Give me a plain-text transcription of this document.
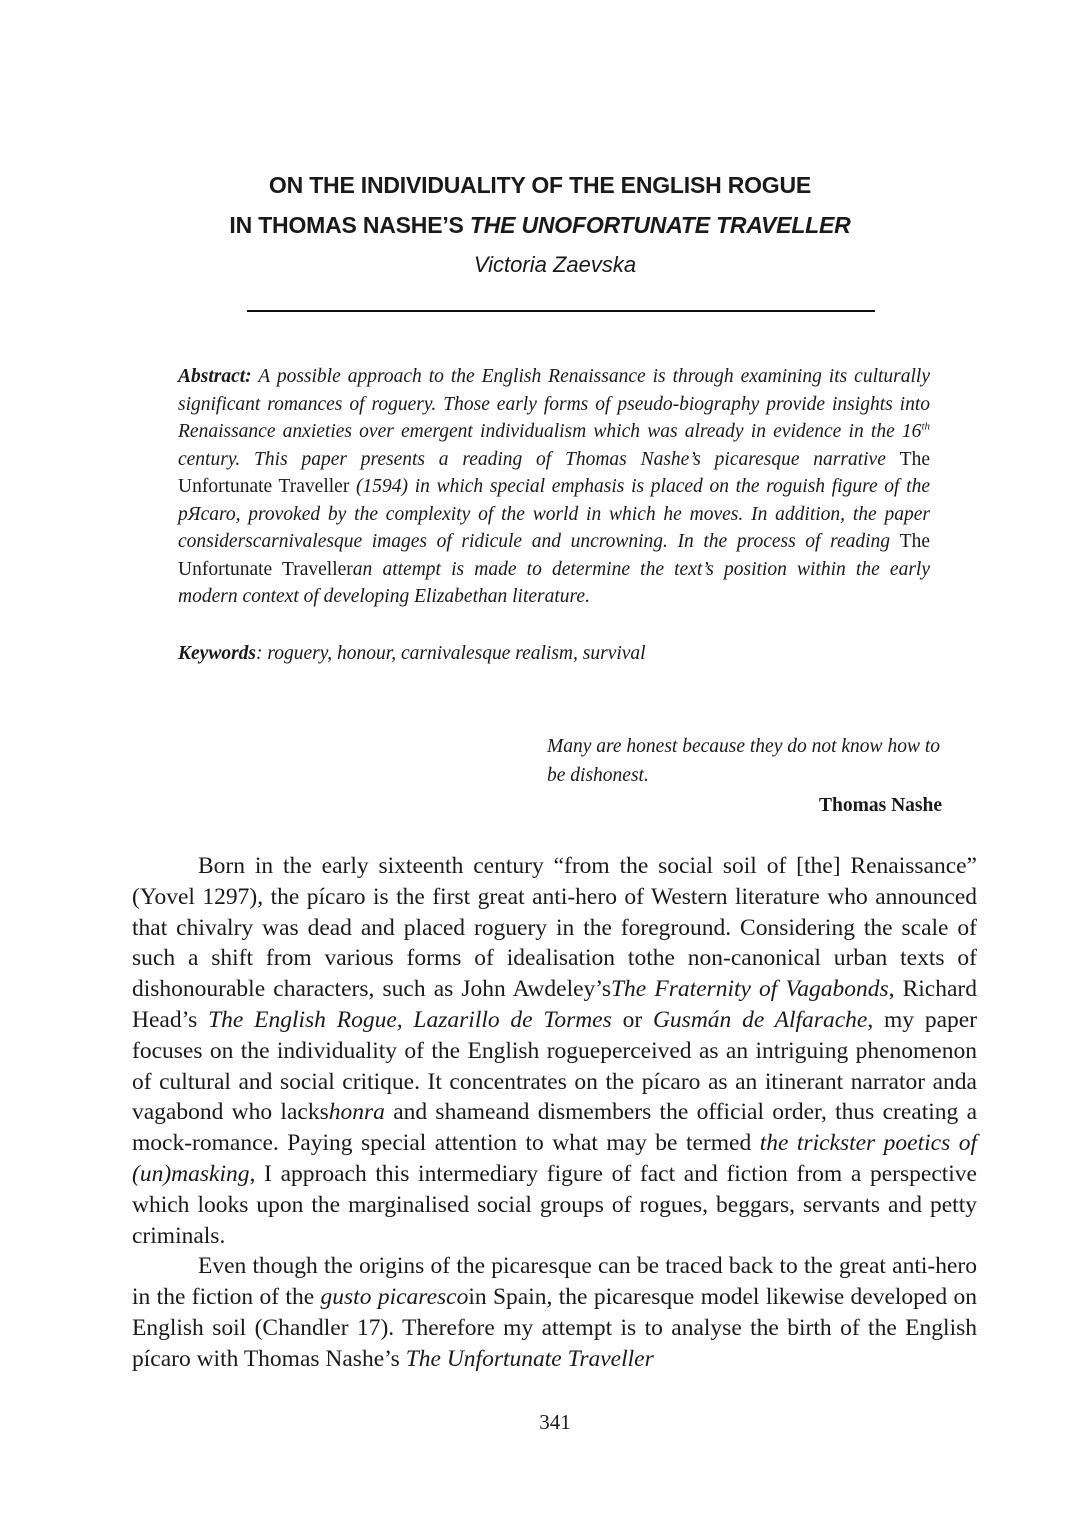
ON THE INDIVIDUALITY OF THE ENGLISH ROGUE
IN THOMAS NASHE’S THE UNOFORTUNATE TRAVELLER
Victoria Zaevska
Abstract: A possible approach to the English Renaissance is through examining its culturally significant romances of roguery. Those early forms of pseudo-biography provide insights into Renaissance anxieties over emergent individualism which was already in evidence in the 16th century. This paper presents a reading of Thomas Nashe’s picaresque narrative The Unfortunate Traveller (1594) in which special emphasis is placed on the roguish figure of the pЯcaro, provoked by the complexity of the world in which he moves. In addition, the paper considerscarnivalesque images of ridicule and uncrowning. In the process of reading The Unfortunate Travelleran attempt is made to determine the text’s position within the early modern context of developing Elizabethan literature.
Keywords: roguery, honour, carnivalesque realism, survival
Many are honest because they do not know how to be dishonest.
Thomas Nashe

Born in the early sixteenth century “from the social soil of [the] Renaissance” (Yovel 1297), the pícaro is the first great anti-hero of Western literature who announced that chivalry was dead and placed roguery in the foreground. Considering the scale of such a shift from various forms of idealisation tothe non-canonical urban texts of dishonourable characters, such as John Awdeley’sThe Fraternity of Vagabonds, Richard Head’s The English Rogue, Lazarillo de Tormes or Gusmán de Alfarache, my paper focuses on the individuality of the English rogueperceived as an intriguing phenomenon of cultural and social critique. It concentrates on the pícaro as an itinerant narrator anda vagabond who lackshonra and shameand dismembers the official order, thus creating a mock-romance. Paying special attention to what may be termed the trickster poetics of (un)masking, I approach this intermediary figure of fact and fiction from a perspective which looks upon the marginalised social groups of rogues, beggars, servants and petty criminals.

Even though the origins of the picaresque can be traced back to the great anti-hero in the fiction of the gusto picarescoin Spain, the picaresque model likewise developed on English soil (Chandler 17). Therefore my attempt is to analyse the birth of the English pícaro with Thomas Nashe’s The Unfortunate Traveller

341
